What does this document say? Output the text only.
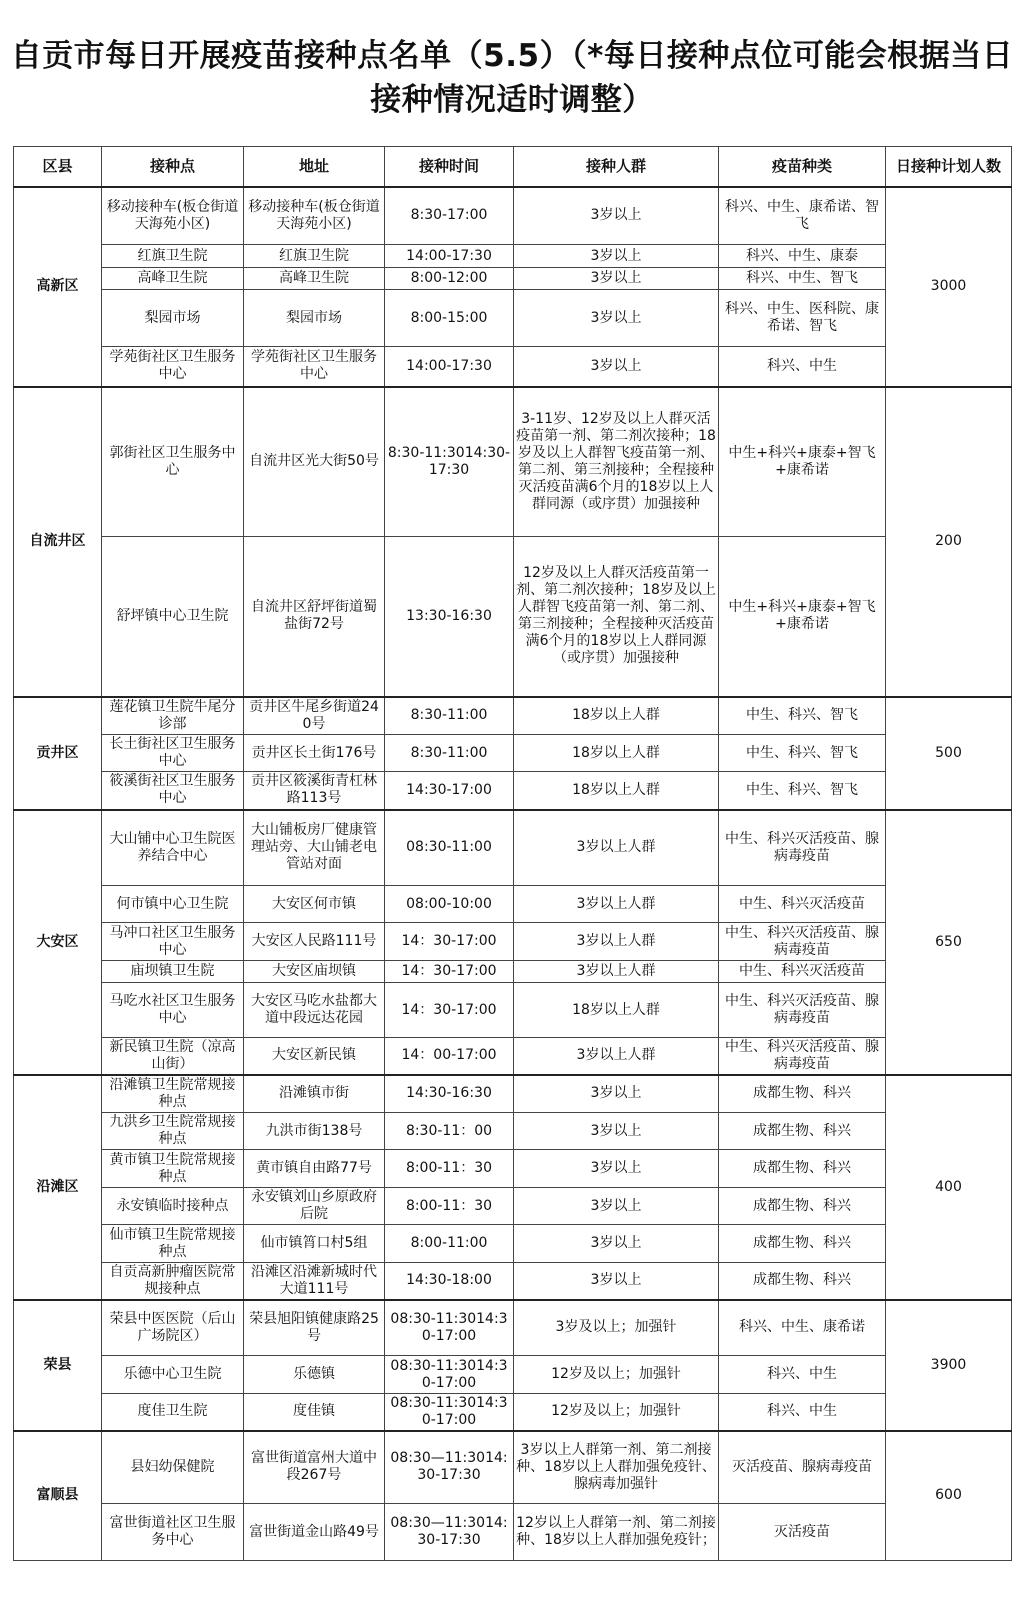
自贡市每日开展疫苗接种点名单（5.5）（*每日接种点位可能会根据当日接种情况适时调整）
区县	接种点	地址	接种时间	接种人群	疫苗种类	日接种计划人数
高新区	移动接种车(板仓街道天海苑小区)	移动接种车(板仓街道天海苑小区)	8:30-17:00	3岁以上	科兴、中生、康希诺、智飞	3000
	红旗卫生院	红旗卫生院	14:00-17:30	3岁以上	科兴、中生、康泰	
	高峰卫生院	高峰卫生院	8:00-12:00	3岁以上	科兴、中生、智飞	
	梨园市场	梨园市场	8:00-15:00	3岁以上	科兴、中生、医科院、康希诺、智飞	
	学苑街社区卫生服务中心	学苑街社区卫生服务中心	14:00-17:30	3岁以上	科兴、中生	
自流井区	郭街社区卫生服务中心	自流井区光大街50号	8:30-11:3014:30-17:30	3-11岁、12岁及以上人群灭活疫苗第一剂、第二剂次接种；18岁及以上人群智飞疫苗第一剂、第二剂、第三剂接种；全程接种灭活疫苗满6个月的18岁以上人群同源（或序贯）加强接种	中生+科兴+康泰+智飞+康希诺	200
	舒坪镇中心卫生院	自流井区舒坪街道蜀盐街72号	13:30-16:30	12岁及以上人群灭活疫苗第一剂、第二剂次接种；18岁及以上人群智飞疫苗第一剂、第二剂、第三剂接种；全程接种灭活疫苗满6个月的18岁以上人群同源（或序贯）加强接种	中生+科兴+康泰+智飞+康希诺	
贡井区	莲花镇卫生院牛尾分诊部	贡井区牛尾乡街道240号	8:30-11:00	18岁以上人群	中生、科兴、智飞	500
	长土街社区卫生服务中心	贡井区长土街176号	8:30-11:00	18岁以上人群	中生、科兴、智飞	
	筱溪街社区卫生服务中心	贡井区筱溪街青杠林路113号	14:30-17:00	18岁以上人群	中生、科兴、智飞	
大安区	大山铺中心卫生院医养结合中心	大山铺板房厂健康管理站旁、大山铺老电管站对面	08:30-11:00	3岁以上人群	中生、科兴灭活疫苗、腺病毒疫苗	650
	何市镇中心卫生院	大安区何市镇	08:00-10:00	3岁以上人群	中生、科兴灭活疫苗	
	马冲口社区卫生服务中心	大安区人民路111号	14：30-17:00	3岁以上人群	中生、科兴灭活疫苗、腺病毒疫苗	
	庙坝镇卫生院	大安区庙坝镇	14：30-17:00	3岁以上人群	中生、科兴灭活疫苗	
	马吃水社区卫生服务中心	大安区马吃水盐都大道中段远达花园	14：30-17:00	18岁以上人群	中生、科兴灭活疫苗、腺病毒疫苗	
	新民镇卫生院（凉高山街）	大安区新民镇	14：00-17:00	3岁以上人群	中生、科兴灭活疫苗、腺病毒疫苗	
沿滩区	沿滩镇卫生院常规接种点	沿滩镇市街	14:30-16:30	3岁以上	成都生物、科兴	400
	九洪乡卫生院常规接种点	九洪市街138号	8:30-11：00	3岁以上	成都生物、科兴	
	黄市镇卫生院常规接种点	黄市镇自由路77号	8:00-11：30	3岁以上	成都生物、科兴	
	永安镇临时接种点	永安镇刘山乡原政府后院	8:00-11：30	3岁以上	成都生物、科兴	
	仙市镇卫生院常规接种点	仙市镇筲口村5组	8:00-11:00	3岁以上	成都生物、科兴	
	自贡高新肿瘤医院常规接种点	沿滩区沿滩新城时代大道111号	14:30-18:00	3岁以上	成都生物、科兴	
荣县	荣县中医医院（后山广场院区）	荣县旭阳镇健康路25号	08:30-11:3014:30-17:00	3岁及以上；加强针	科兴、中生、康希诺	3900
	乐德中心卫生院	乐德镇	08:30-11:3014:30-17:00	12岁及以上；加强针	科兴、中生	
	度佳卫生院	度佳镇	08:30-11:3014:30-17:00	12岁及以上；加强针	科兴、中生	
富顺县	县妇幼保健院	富世街道富州大道中段267号	08:30—11:3014:30-17:30	3岁以上人群第一剂、第二剂接种、18岁以上人群加强免疫针、腺病毒加强针	灭活疫苗、腺病毒疫苗	600
	富世街道社区卫生服务中心	富世街道金山路49号	08:30—11:3014:30-17:30	12岁以上人群第一剂、第二剂接种、18岁以上人群加强免疫针；	灭活疫苗	
